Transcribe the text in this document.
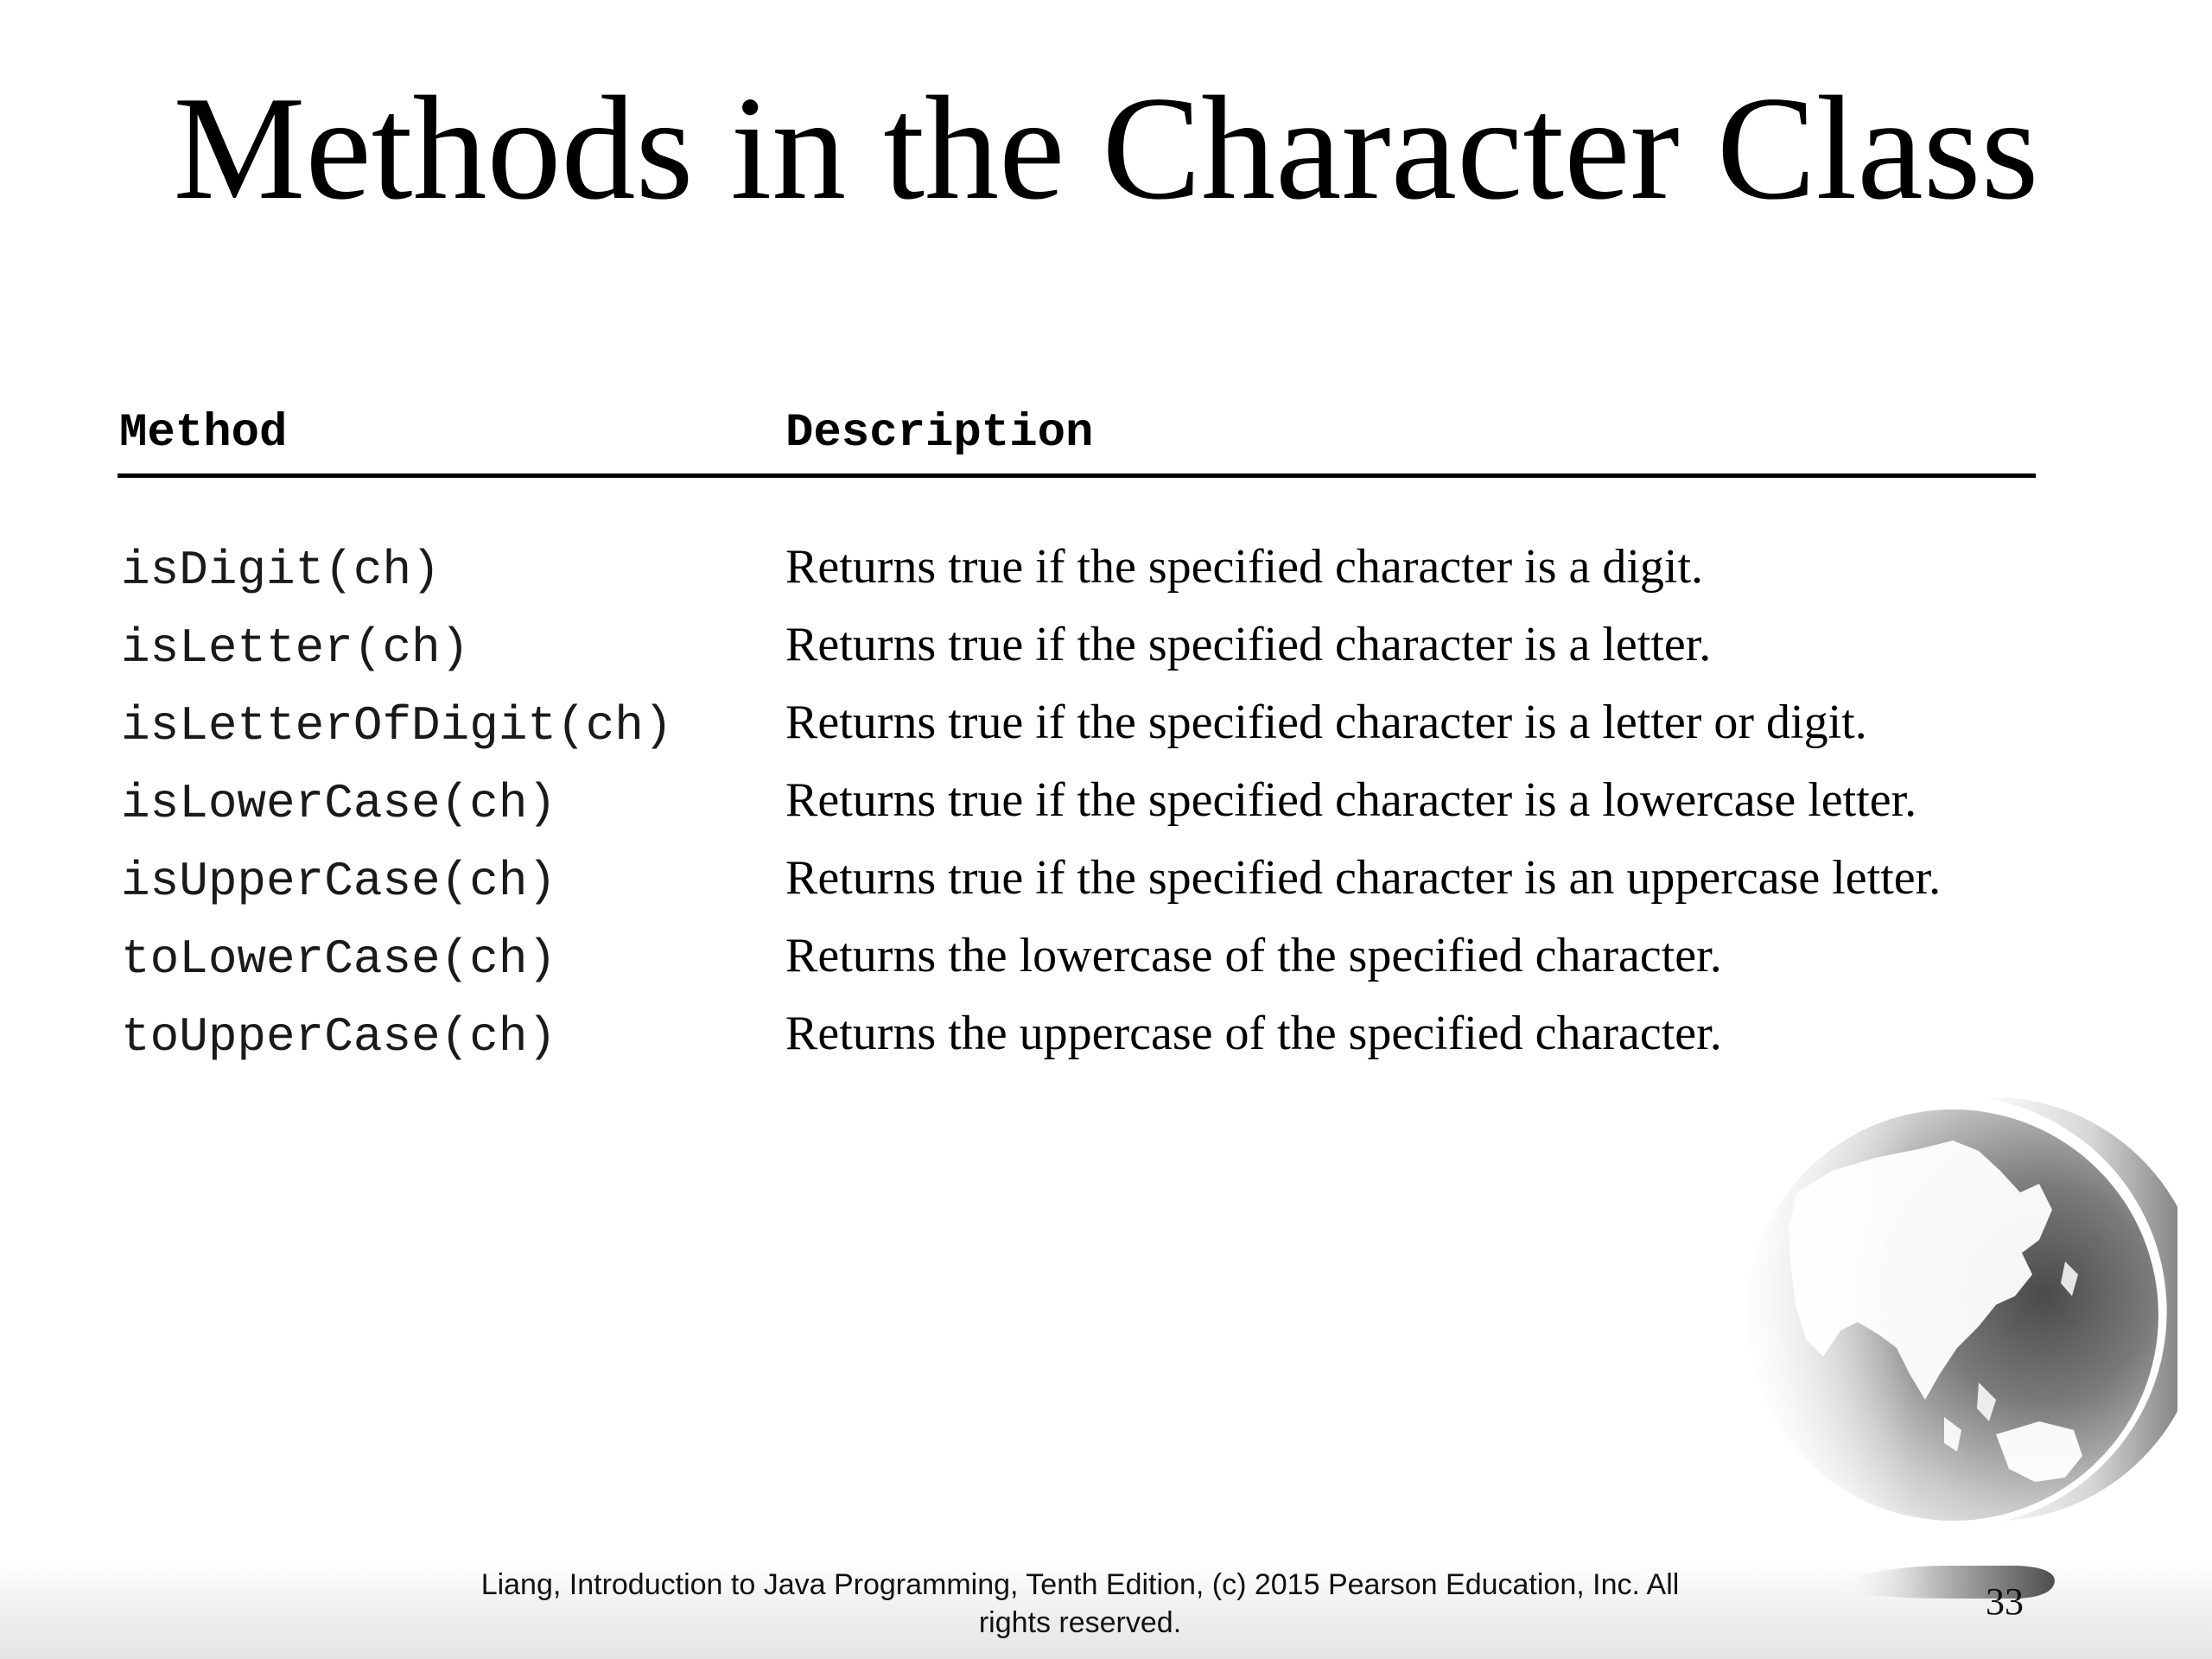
Methods in the Character Class
Method	Description
isDigit(ch)	Returns true if the specified character is a digit.
isLetter(ch)	Returns true if the specified character is a letter.
isLetterOfDigit(ch) Returns true if the specified character is a letter or digit.
isLowerCase(ch)	Returns true if the specified character is a lowercase letter.
isUpperCase(ch)	Returns true if the specified character is an uppercase letter.
toLowerCase(ch)	Returns the lowercase of the specified character.
toUpperCase(ch)	Returns the uppercase of the specified character.
Liang, Introduction to Java Programming, Tenth Edition, (c) 2015 Pearson Education, Inc. All
rights reserved.	33
